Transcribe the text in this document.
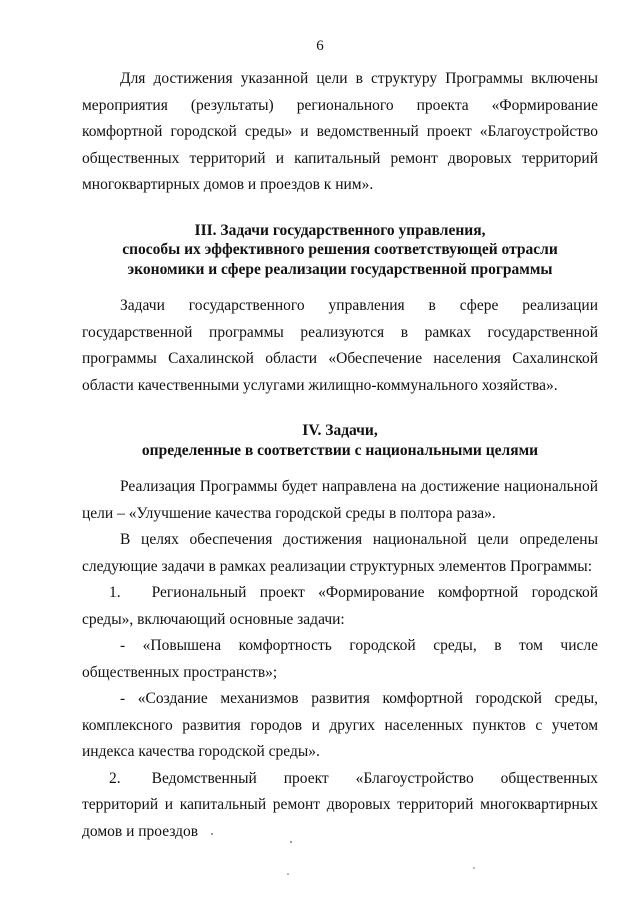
6

Для достижения указанной цели в структуру Программы включены мероприятия (результаты) регионального проекта «Формирование комфортной городской среды» и ведомственный проект «Благоустройство общественных территорий и капитальный ремонт дворовых территорий многоквартирных домов и проездов к ним».

III. Задачи государственного управления,
способы их эффективного решения соответствующей отрасли
экономики и сфере реализации государственной программы

Задачи государственного управления в сфере реализации государственной программы реализуются в рамках государственной программы Сахалинской области «Обеспечение населения Сахалинской области качественными услугами жилищно-коммунального хозяйства».

IV. Задачи,
определенные в соответствии с национальными целями

Реализация Программы будет направлена на достижение национальной цели – «Улучшение качества городской среды в полтора раза».

В целях обеспечения достижения национальной цели определены следующие задачи в рамках реализации структурных элементов Программы:

1.  Региональный проект «Формирование комфортной городской среды», включающий основные задачи:

- «Повышена комфортность городской среды, в том числе общественных пространств»;

- «Создание механизмов развития комфортной городской среды, комплексного развития городов и других населенных пунктов с учетом индекса качества городской среды».

2.  Ведомственный проект «Благоустройство общественных территорий и капитальный ремонт дворовых территорий многоквартирных домов и проездов
